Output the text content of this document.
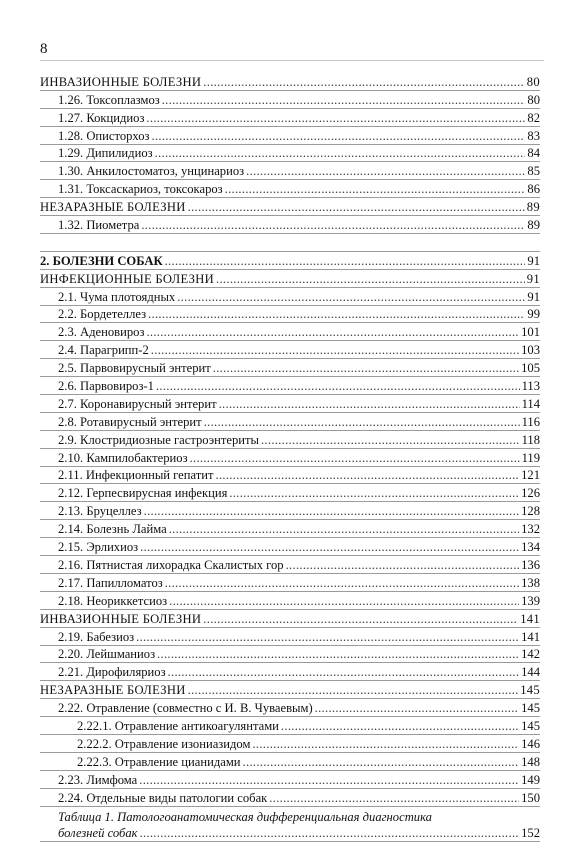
8
ИНВАЗИОННЫЕ БОЛЕЗНИ .....	80
1.26. Токсоплазмоз .....	80
1.27. Кокцидиоз .....	82
1.28. Описторхоз .....	83
1.29. Дипилидиоз .....	84
1.30. Анкилостоматоз, унцинариоз .....	85
1.31. Токсаскариоз, токсокароз .....	86
НЕЗАРАЗНЫЕ БОЛЕЗНИ .....	89
1.32. Пиометра .....	89
2. БОЛЕЗНИ СОБАК .....	91
ИНФЕКЦИОННЫЕ БОЛЕЗНИ .....	91
2.1. Чума плотоядных .....	91
2.2. Бордетеллез .....	99
2.3. Аденовироз .....	101
2.4. Парагрипп-2 .....	103
2.5. Парвовирусный энтерит .....	105
2.6. Парвовироз-1 .....	113
2.7. Коронавирусный энтерит .....	114
2.8. Ротавирусный энтерит .....	116
2.9. Клостридиозные гастроэнтериты .....	118
2.10. Кампилобактериоз .....	119
2.11. Инфекционный гепатит .....	121
2.12. Герпесвирусная инфекция .....	126
2.13. Бруцеллез .....	128
2.14. Болезнь Лайма .....	132
2.15. Эрлихиоз .....	134
2.16. Пятнистая лихорадка Скалистых гор .....	136
2.17. Папилломатоз .....	138
2.18. Неориккетсиоз .....	139
ИНВАЗИОННЫЕ БОЛЕЗНИ .....	141
2.19. Бабезиоз .....	141
2.20. Лейшманиоз .....	142
2.21. Дирофиляриоз .....	144
НЕЗАРАЗНЫЕ БОЛЕЗНИ .....	145
2.22. Отравление (совместно с И. В. Чуваевым) .....	145
2.22.1. Отравление антикоагулянтами .....	145
2.22.2. Отравление изониазидом .....	146
2.22.3. Отравление цианидами .....	148
2.23. Лимфома .....	149
2.24. Отдельные виды патологии собак .....	150
Таблица 1. Патологоанатомическая дифференциальная диагностика
болезней собак .....	152
